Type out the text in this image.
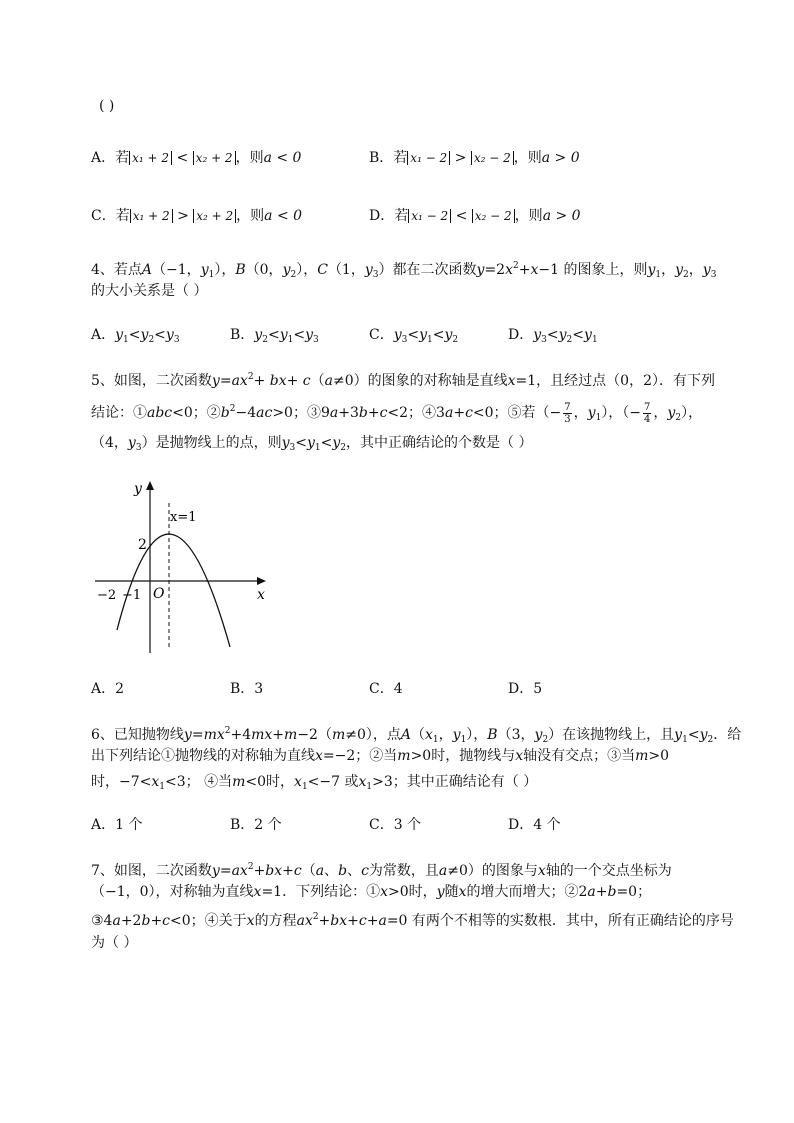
( )
A．若 x₁ + 2 < x₂ + 2 ，则a < 0	B．若 x₁ − 2 > x₂ − 2 ，则a > 0
C．若 x₁ + 2 > x₂ + 2 ，则a < 0	D．若 x₁ − 2 < x₂ − 2 ，则a > 0
4、若点A（−1，$y_1$），B（0，$y_2$），C（1，$y_3$）都在二次函数$y=2x^2+x-1$ 的图象上，则$y_1$，$y_2$，$y_3$
的大小关系是（ ）
A．$y_1<y_2<y_3$	B．$y_2<y_1<y_3$	C．$y_3<y_1<y_2$	D．$y_3<y_2<y_1$
5、如图，二次函数$y=ax^2+ bx+ c(a\ne 0)$的图象的对称轴是直线x=1，且经过点（0，2）．有下列
结论：①abc<0；$②b^2-4ac>0$；③9a+3b+c<2；④3a+c<0；⑤若（− $\frac{7}{3}$ ，$y_1$），（− $\frac{7}{4}$ ，$y_2$），
（4，$y_3$）是抛物线上的点，则$y_3<y_1<y_2$，其中正确结论的个数是（ ）
y
x
x=1
2
−2 −1 O
A．2	B．3	C．4	D．5
6、已知抛物线$y=mx^2+4mx+m-2(m\ne 0)$，点$A(x_1$，$y_1$），B（3，$y_2$）在该抛物线上，且$y_1<y_2$．给
出下列结论①抛物线的对称轴为直线x=−2；②当m>0时，抛物线与x轴没有交点；③当m>0
时，$-7<x_1<3$； ④当m<0时，$x_1<-7$ 或$x_1>3$；其中正确结论有（ ）
A．1 个	B．2 个	C．3 个	D．4 个
7、如图，二次函数$y=ax^2+bx+c(a$、b、c为常数，且a≠0）的图象与x轴的一个交点坐标为
（−1，0），对称轴为直线x=1．下列结论：①x>0时，y随x的增大而增大；②2a+b=0；
③4a+2b+c<0；④关于x的方程$ax^2+bx+c+a=0$ 有两个不相等的实数根．其中，所有正确结论的序号
为（ ）
